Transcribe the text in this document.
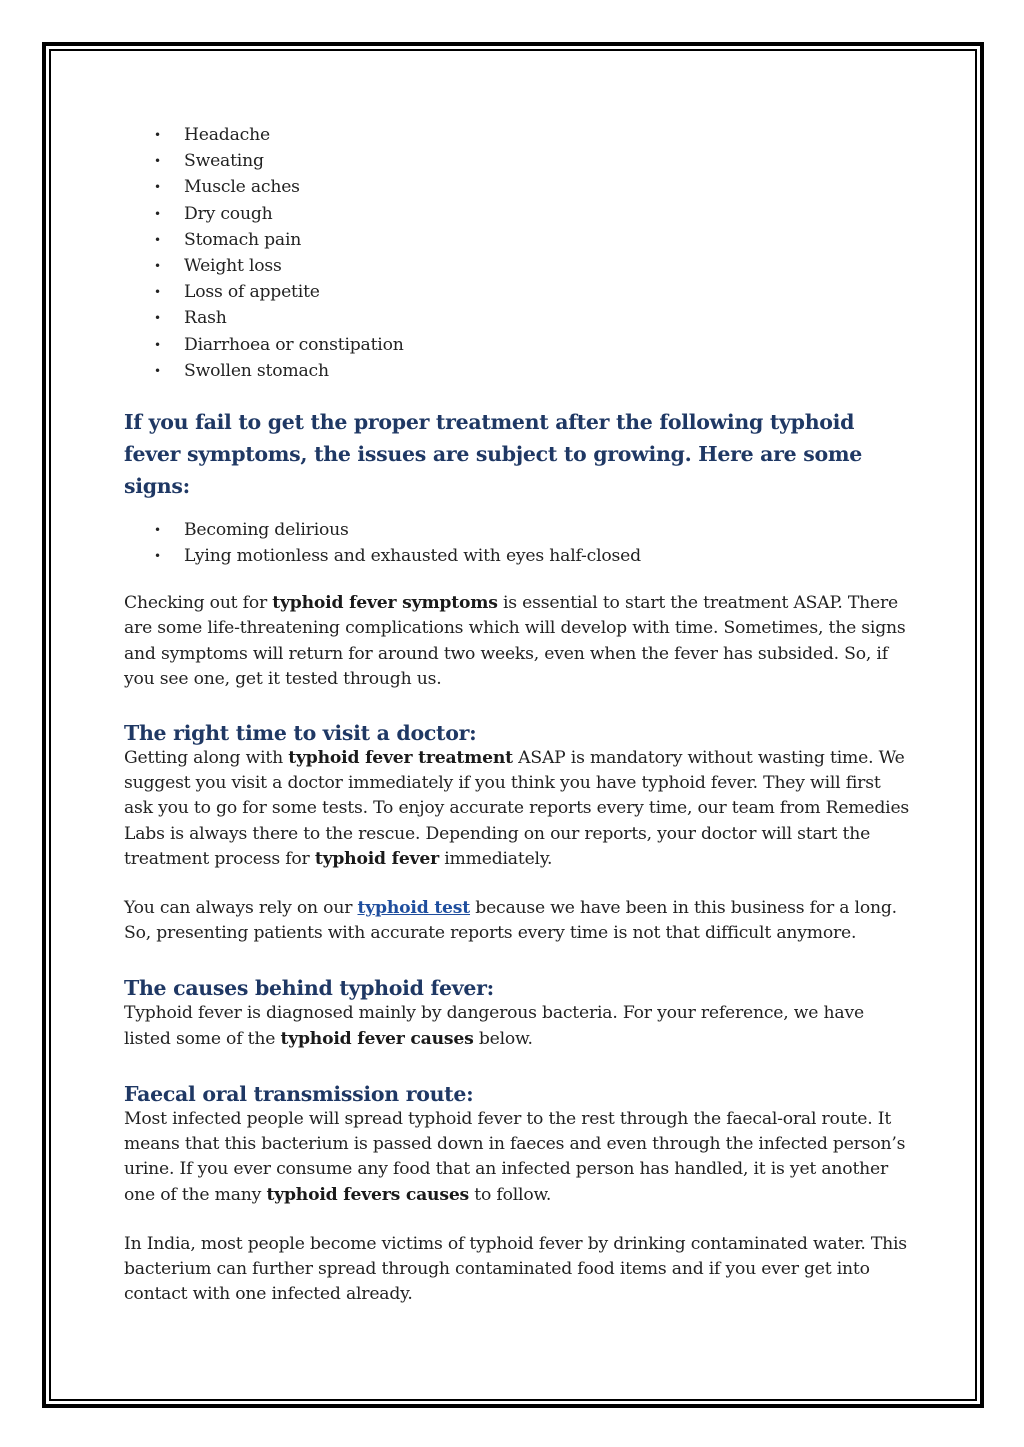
• Headache
• Sweating
• Muscle aches
• Dry cough
• Stomach pain
• Weight loss
• Loss of appetite
• Rash
• Diarrhoea or constipation
• Swollen stomach
If you fail to get the proper treatment after the following typhoid fever symptoms, the issues are subject to growing. Here are some signs:
• Becoming delirious
• Lying motionless and exhausted with eyes half-closed

Checking out for typhoid fever symptoms is essential to start the treatment ASAP. There are some life-threatening complications which will develop with time. Sometimes, the signs and symptoms will return for around two weeks, even when the fever has subsided. So, if you see one, get it tested through us.

The right time to visit a doctor:

Getting along with typhoid fever treatment ASAP is mandatory without wasting time. We suggest you visit a doctor immediately if you think you have typhoid fever. They will first ask you to go for some tests. To enjoy accurate reports every time, our team from Remedies Labs is always there to the rescue. Depending on our reports, your doctor will start the treatment process for typhoid fever immediately.

You can always rely on our typhoid test because we have been in this business for a long. So, presenting patients with accurate reports every time is not that difficult anymore.

The causes behind typhoid fever:

Typhoid fever is diagnosed mainly by dangerous bacteria. For your reference, we have listed some of the typhoid fever causes below.

Faecal oral transmission route:

Most infected people will spread typhoid fever to the rest through the faecal-oral route. It means that this bacterium is passed down in faeces and even through the infected person’s urine. If you ever consume any food that an infected person has handled, it is yet another one of the many typhoid fevers causes to follow.

In India, most people become victims of typhoid fever by drinking contaminated water. This bacterium can further spread through contaminated food items and if you ever get into contact with one infected already.
